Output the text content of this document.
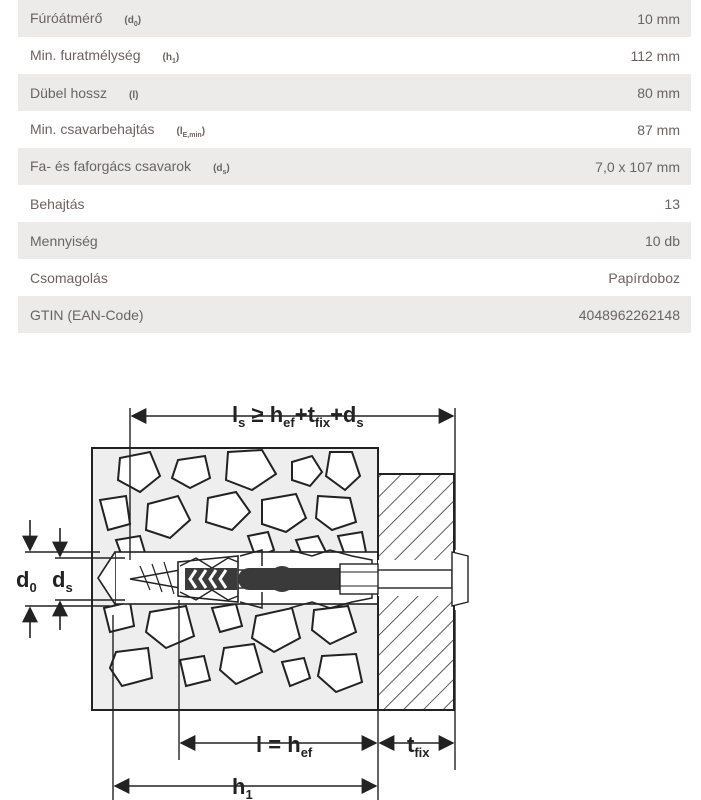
Fúróátmérő $(d_0)$	10 mm
Min. furatmélység $(h_1)$	112 mm
Dübel hossz (l)	80 mm
Min. csavarbehajtás $(l_{E,min})$	87 mm
Fa- és faforgács csavarok $(d_s)$	7,0 x 107 mm
Behajtás	13
Mennyiség	10 db
Csomagolás	Papírdoboz
GTIN (EAN-Code)	4048962262148
$l_s \ge h_{ef}+t_{fix}+d_s$
$l = h_{ef}$	$t_{fix}$
$h_1$
$d_0$ $d_s$
